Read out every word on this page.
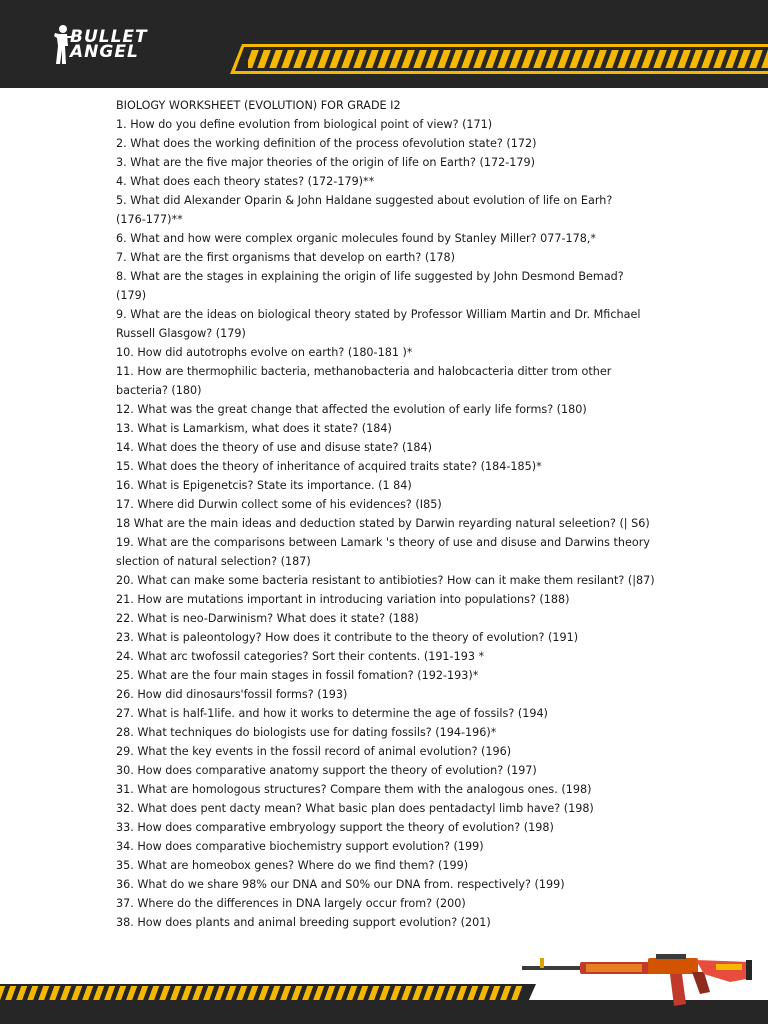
BULLET
ANGEL

BIOLOGY WORKSHEET (EVOLUTION) FOR GRADE I2

1. How do you define evolution from biological point of view? (171)

2. What does the working definition of the process ofevolution state? (172)

3. What are the five major theories of the origin of life on Earth? (172-179)

4. What does each theory states? (172-179)**

5. What did Alexander Oparin & John Haldane suggested about evolution of life on Earh?

(176-177)**

6. What and how were complex organic molecules found by Stanley Miller? 077-178,*

7. What are the first organisms that develop on earth? (178)

8. What are the stages in explaining the origin of life suggested by John Desmond Bemad?

(179)

9. What are the ideas on biological theory stated by Professor William Martin and Dr. Mfichael

Russell Glasgow? (179)

10. How did autotrophs evolve on earth? (180-181 )*

11. How are thermophilic bacteria, methanobacteria and halobcacteria ditter trom other

bacteria? (180)

12. What was the great change that affected the evolution of early life forms? (180)

13. What is Lamarkism, what does it state? (184)

14. What does the theory of use and disuse state? (184)

15. What does the theory of inheritance of acquired traits state? (184-185)*

16. What is Epigenetcis? State its importance. (1 84)

17. Where did Durwin collect some of his evidences? (I85)

18 What are the main ideas and deduction stated by Darwin reyarding natural seleetion? (| S6)

19. What are the comparisons between Lamark 's theory of use and disuse and Darwins theory

slection of natural selection? (187)

20. What can make some bacteria resistant to antibioties? How can it make them resilant? (|87)

21. How are mutations important in introducing variation into populations? (188)

22. What is neo-Darwinism? What does it state? (188)

23. What is paleontology? How does it contribute to the theory of evolution? (191)

24. What arc twofossil categories? Sort their contents. (191-193 *

25. What are the four main stages in fossil fomation? (192-193)*

26. How did dinosaurs'fossil forms? (193)

27. What is half-1life. and how it works to determine the age of fossils? (194)

28. What techniques do biologists use for dating fossils? (194-196)*

29. What the key events in the fossil record of animal evolution? (196)

30. How does comparative anatomy support the theory of evolution? (197)

31. What are homologous structures? Compare them with the analogous ones. (198)

32. What does pent dacty mean? What basic plan does pentadactyl limb have? (198)

33. How does comparative embryology support the theory of evolution? (198)

34. How does comparative biochemistry support evolution? (199)

35. What are homeobox genes? Where do we find them? (199)

36. What do we share 98% our DNA and S0% our DNA from. respectively? (199)

37. Where do the differences in DNA largely occur from? (200)

38. How does plants and animal breeding support evolution? (201)
